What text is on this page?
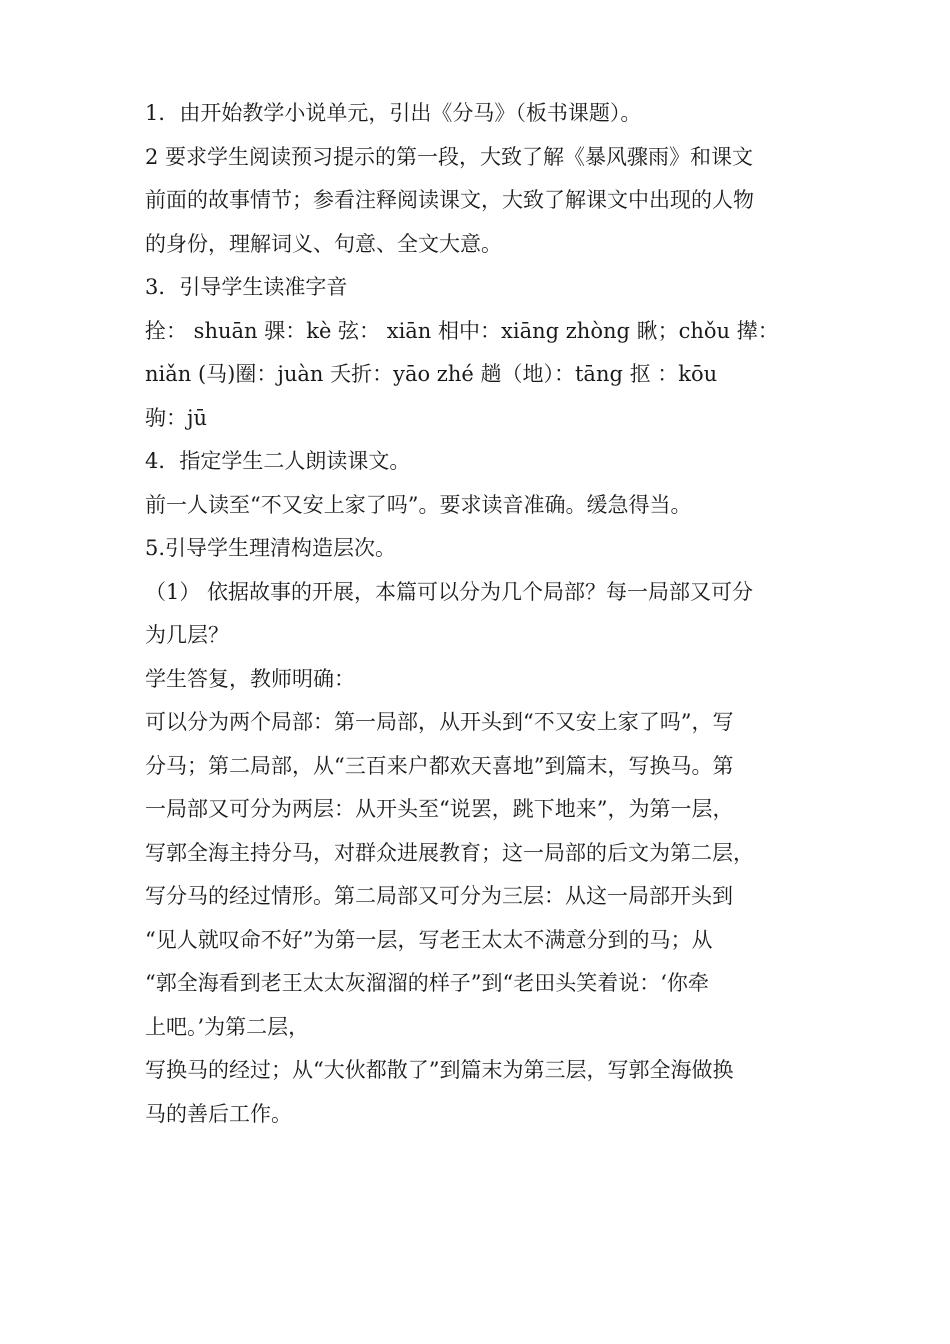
1．由开始教学小说单元，引出《分马》（板书课题）。
2 要求学生阅读预习提示的第一段，大致了解《暴风骤雨》和课文
前面的故事情节；参看注释阅读课文，大致了解课文中出现的人物
的身份，理解词义、句意、全文大意。
3．引导学生读准字音
拴： shuān 骒：kè 弦： xiān 相中：xiāng zhòng 瞅；chǒu 撵：
niǎn (马)圈：juàn 夭折：yāo zhé 趟（地）：tāng 抠 ：kōu
驹：jū
4．指定学生二人朗读课文。
前一人读至“不又安上家了吗”。要求读音准确。缓急得当。
5.引导学生理清构造层次。
（1） 依据故事的开展，本篇可以分为几个局部？每一局部又可分
为几层？
学生答复，教师明确：
可以分为两个局部：第一局部，从开头到“不又安上家了吗”，写
分马；第二局部，从“三百来户都欢天喜地”到篇末，写换马。第
一局部又可分为两层：从开头至“说罢，跳下地来”，为第一层，
写郭全海主持分马，对群众进展教育；这一局部的后文为第二层，
写分马的经过情形。第二局部又可分为三层：从这一局部开头到
“见人就叹命不好”为第一层，写老王太太不满意分到的马；从
“郭全海看到老王太太灰溜溜的样子”到“老田头笑着说：‘你牵
上吧。’为第二层，
写换马的经过；从“大伙都散了”到篇末为第三层，写郭全海做换
马的善后工作。
